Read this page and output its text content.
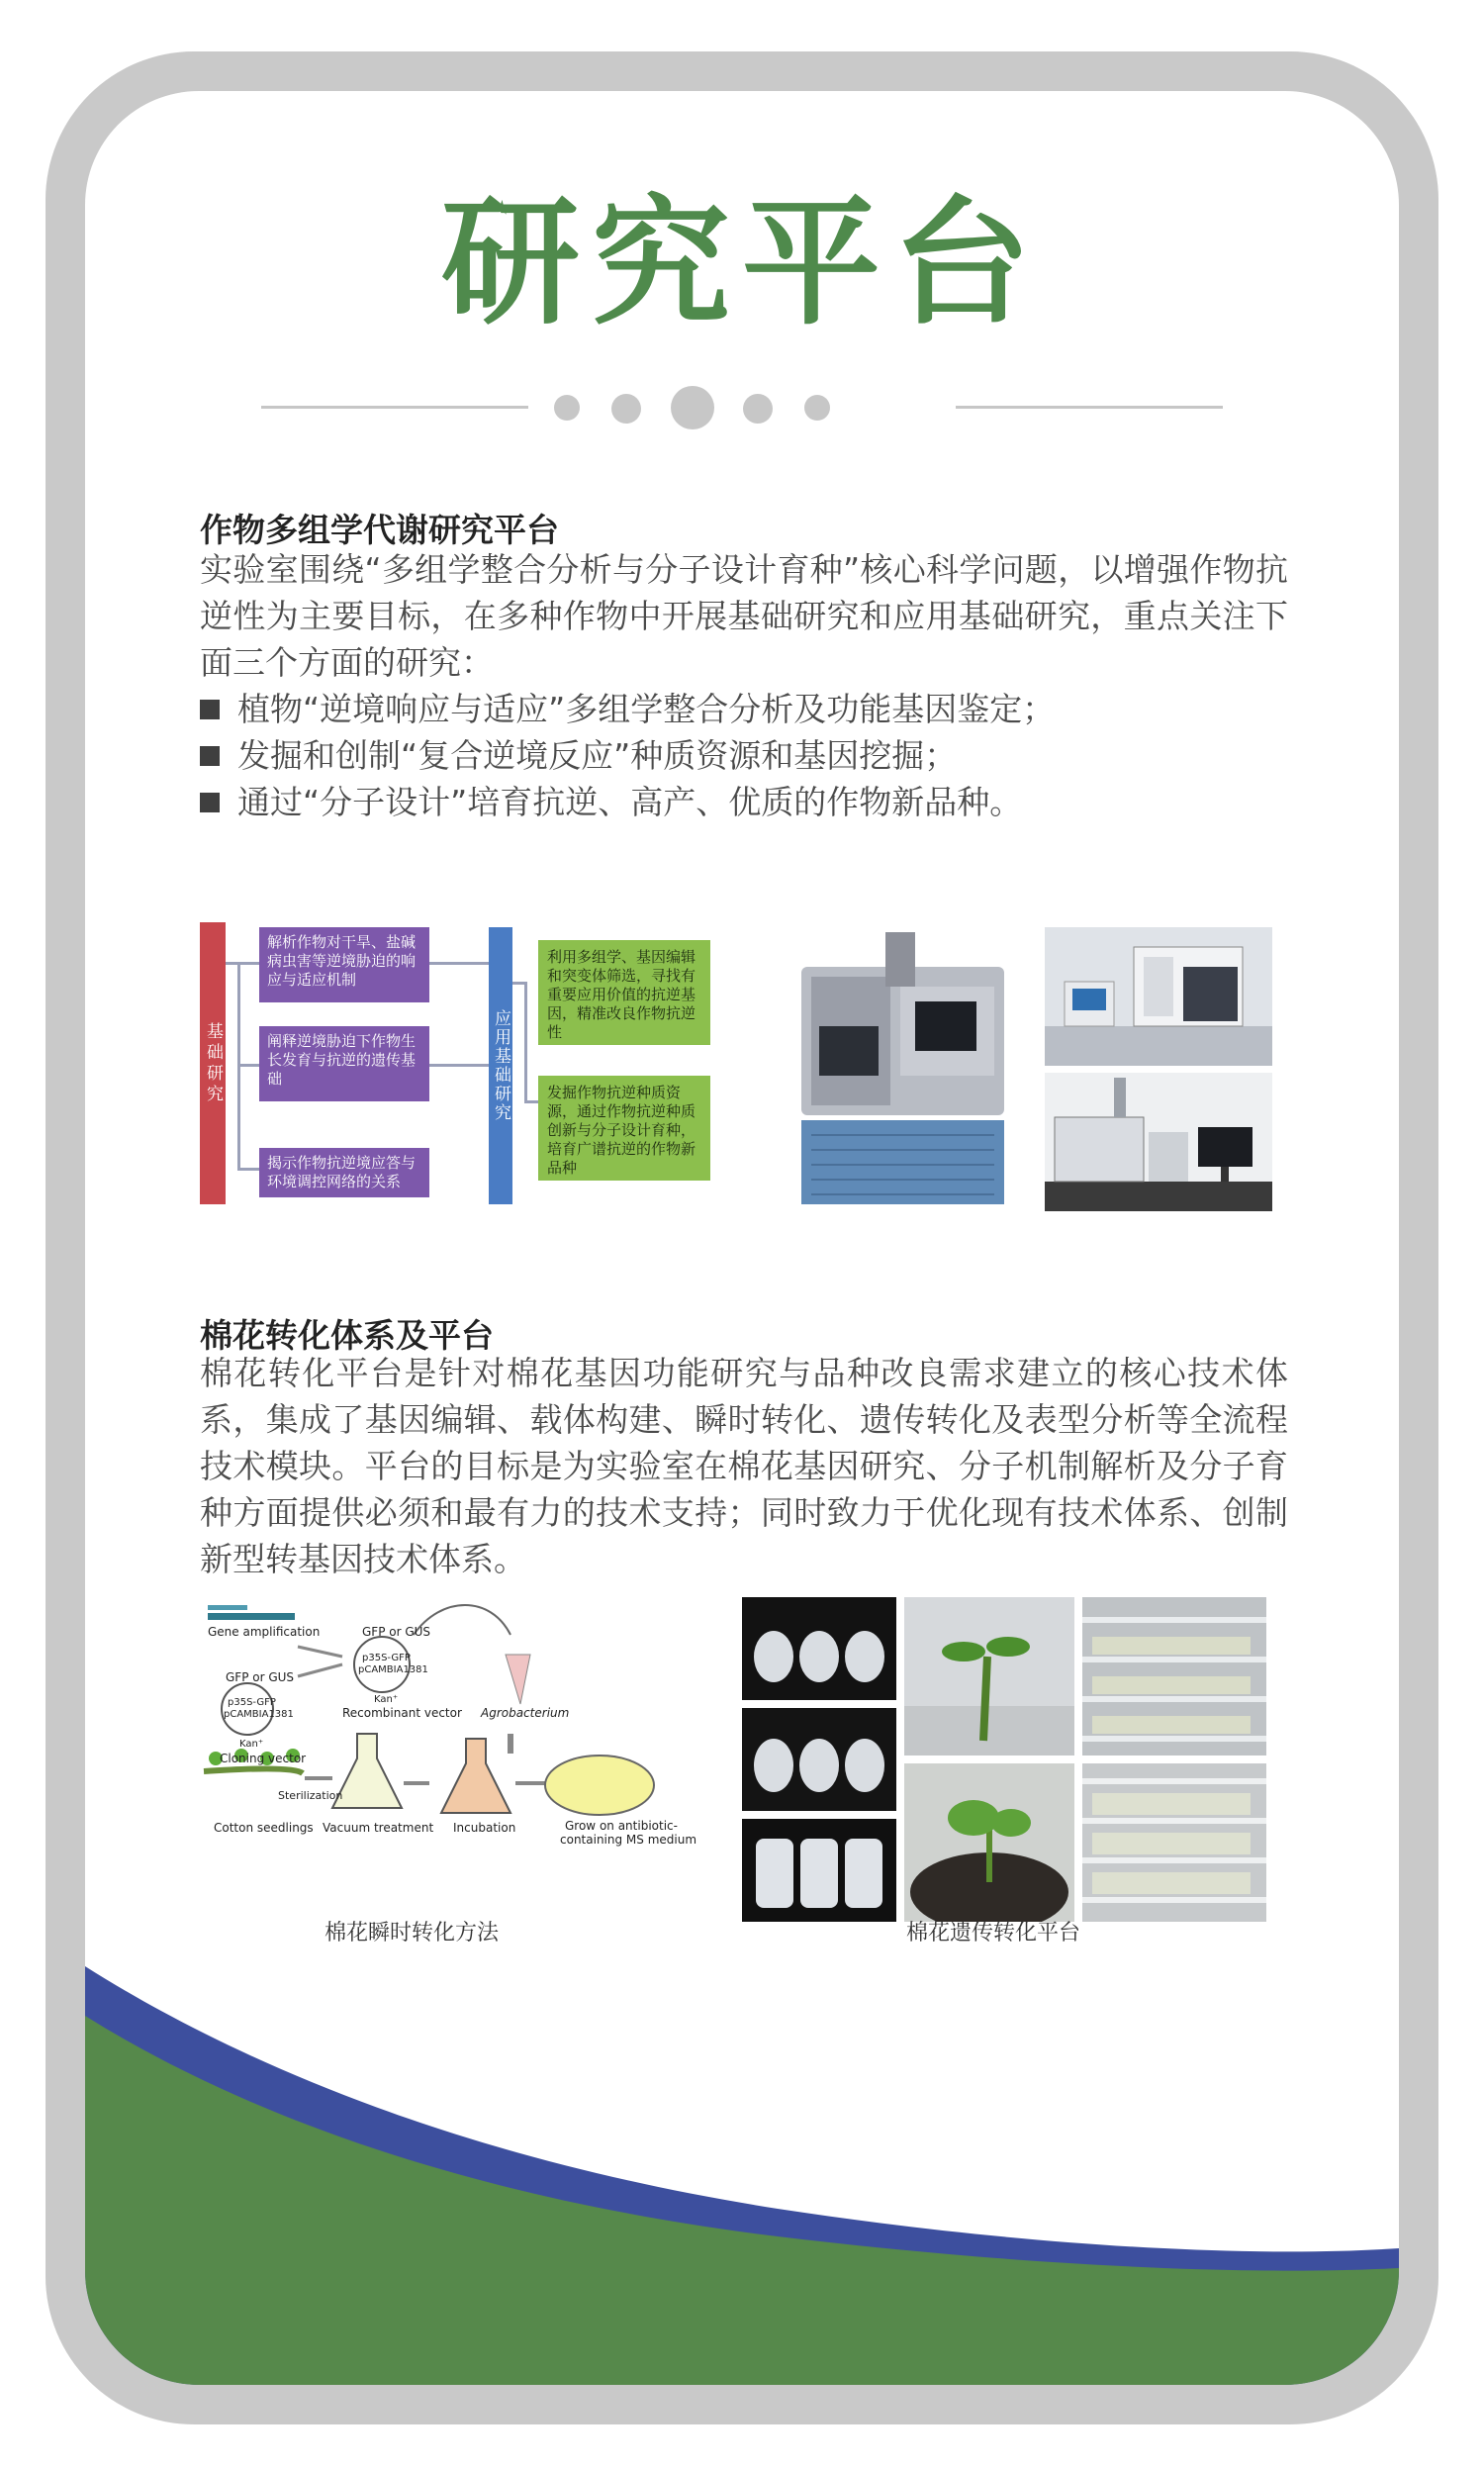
研究平台
作物多组学代谢研究平台
实验室围绕“多组学整合分析与分子设计育种”核心科学问题，以增强作物抗逆性为主要目标，在多种作物中开展基础研究和应用基础研究，重点关注下面三个方面的研究：
植物“逆境响应与适应”多组学整合分析及功能基因鉴定；
发掘和创制“复合逆境反应”种质资源和基因挖掘；
通过“分子设计”培育抗逆、高产、优质的作物新品种。
基础研究
解析作物对干旱、盐碱病虫害等逆境胁迫的响应与适应机制
阐释逆境胁迫下作物生长发育与抗逆的遗传基础
揭示作物抗逆境应答与环境调控网络的关系
应用基础研究
利用多组学、基因编辑和突变体筛选，寻找有重要应用价值的抗逆基因，精准改良作物抗逆性
发掘作物抗逆种质资源，通过作物抗逆种质创新与分子设计育种，培育广谱抗逆的作物新品种
棉花转化体系及平台
棉花转化平台是针对棉花基因功能研究与品种改良需求建立的核心技术体系，集成了基因编辑、载体构建、瞬时转化、遗传转化及表型分析等全流程技术模块。平台的目标是为实验室在棉花基因研究、分子机制解析及分子育种方面提供必须和最有力的技术支持；同时致力于优化现有技术体系、创制新型转基因技术体系。
Gene amplification	GFP or GUS
p35S-GFP
pCAMBIA1381
Kan⁺
Recombinant vector Agrobacterium
GFP or GUS
p35S-GFP
pCAMBIA1381
Kan⁺
Cloning vector
Sterilization
Cotton seedlings Vacuum treatment Incubation	Grow on antibiotic-
containing MS medium
棉花瞬时转化方法	棉花遗传转化平台
